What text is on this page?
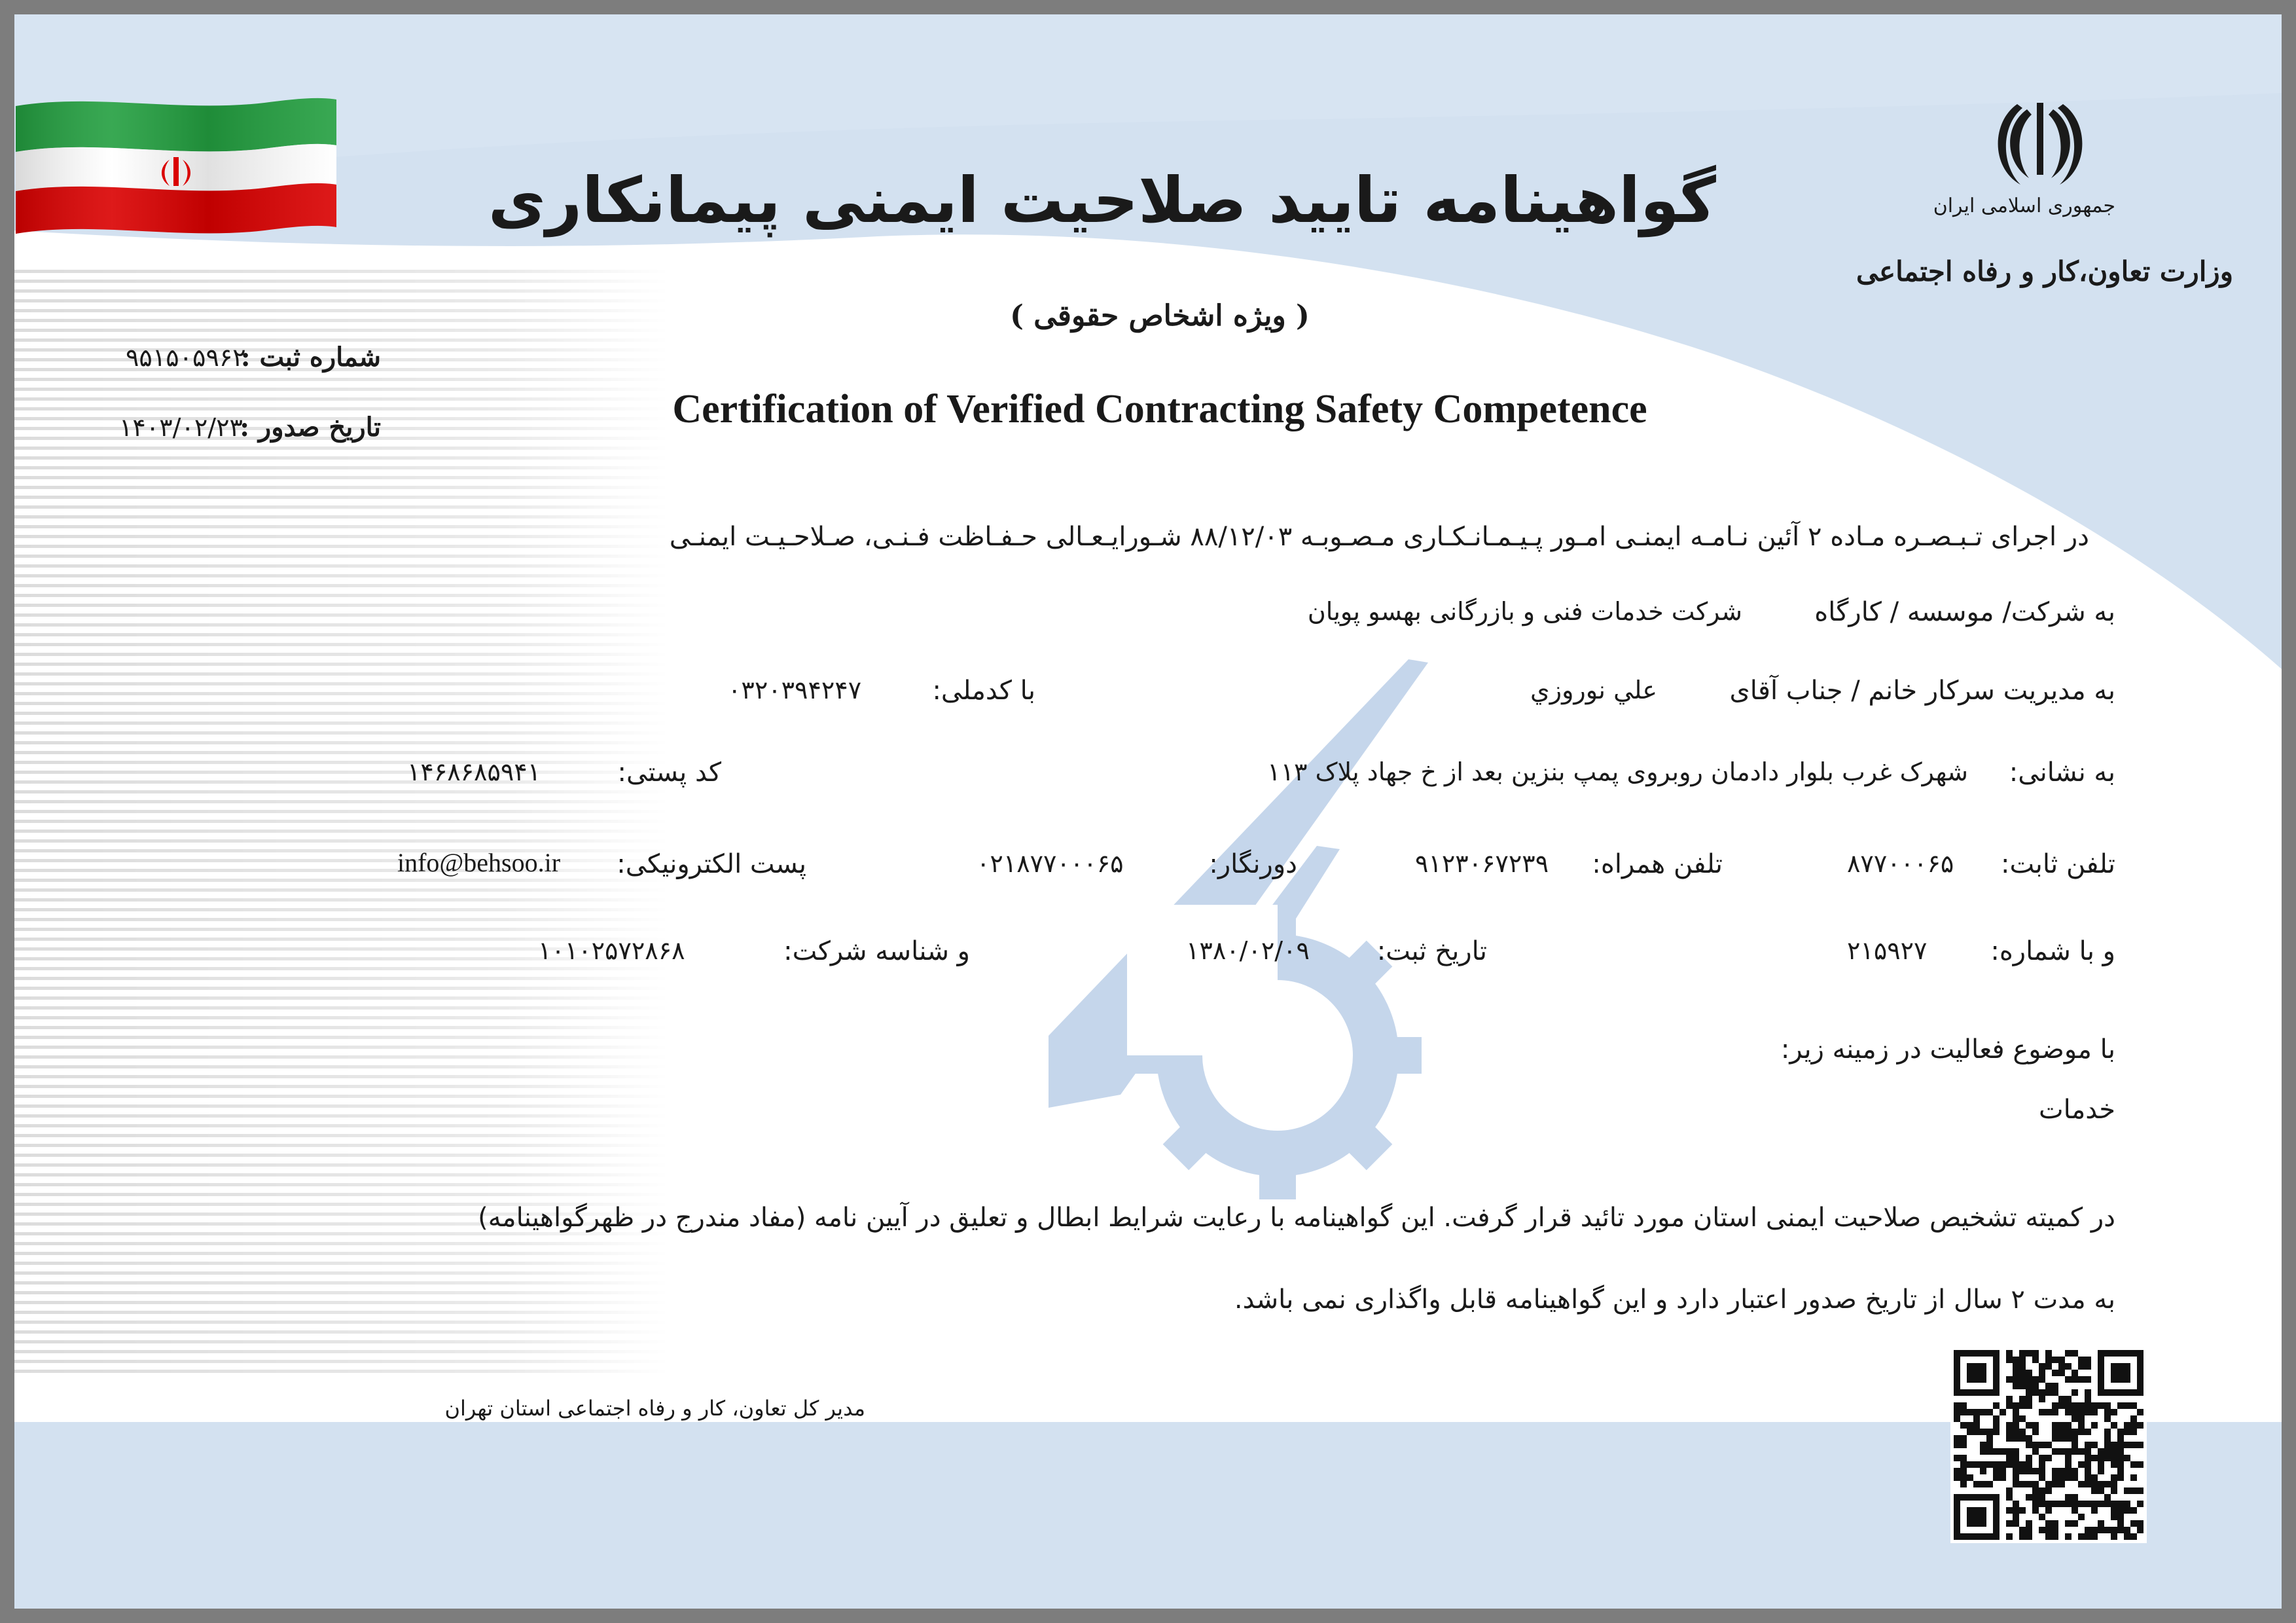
جمهوری اسلامی ایران
وزارت تعاون،کار و رفاه اجتماعی
گواهینامه تایید صلاحیت ایمنی پیمانکاری
( ویژه اشخاص حقوقی )
Certification of Verified Contracting Safety Competence
شماره ثبت :
۹۵۱۵۰۵۹۶۲
تاریخ صدور :
۱۴۰۳/۰۲/۲۳
در اجرای تـبـصـره مـاده ۲ آئین نـامـه ایمنـی امـور پـیـمـانـکـاری مـصـوبـه ۸۸/۱۲/۰۳ شـورایـعـالی حـفـاظت فـنـی، صـلاحـیـت ایمنـی
به شرکت/ موسسه / کارگاه
شرکت خدمات فنی و بازرگانی بهسو پویان
به مدیریت سرکار خانم / جناب آقای
علي نوروزي
با کدملی:
۰۳۲۰۳۹۴۲۴۷
به نشانی:
شهرک غرب بلوار دادمان روبروی پمپ بنزین بعد از خ جهاد پلاک ۱۱۳
کد پستی:
۱۴۶۸۶۸۵۹۴۱
تلفن ثابت:
۸۷۷۰۰۰۶۵
تلفن همراه:
۹۱۲۳۰۶۷۲۳۹
دورنگار:
۰۲۱۸۷۷۰۰۰۶۵
پست الکترونیکی:
info@behsoo.ir
و با شماره:
۲۱۵۹۲۷
تاریخ ثبت:
۱۳۸۰/۰۲/۰۹
و شناسه شرکت:
۱۰۱۰۲۵۷۲۸۶۸
با موضوع فعالیت در زمینه زیر:
خدمات
در کمیته تشخیص صلاحیت ایمنی استان مورد تائید قرار گرفت. این گواهینامه با رعایت شرایط ابطال و تعلیق در آیین نامه (مفاد مندرج در ظهرگواهینامه)
به مدت ۲ سال از تاریخ صدور اعتبار دارد و این گواهینامه قابل واگذاری نمی باشد.
مدیر کل تعاون، کار و رفاه اجتماعی استان تهران
